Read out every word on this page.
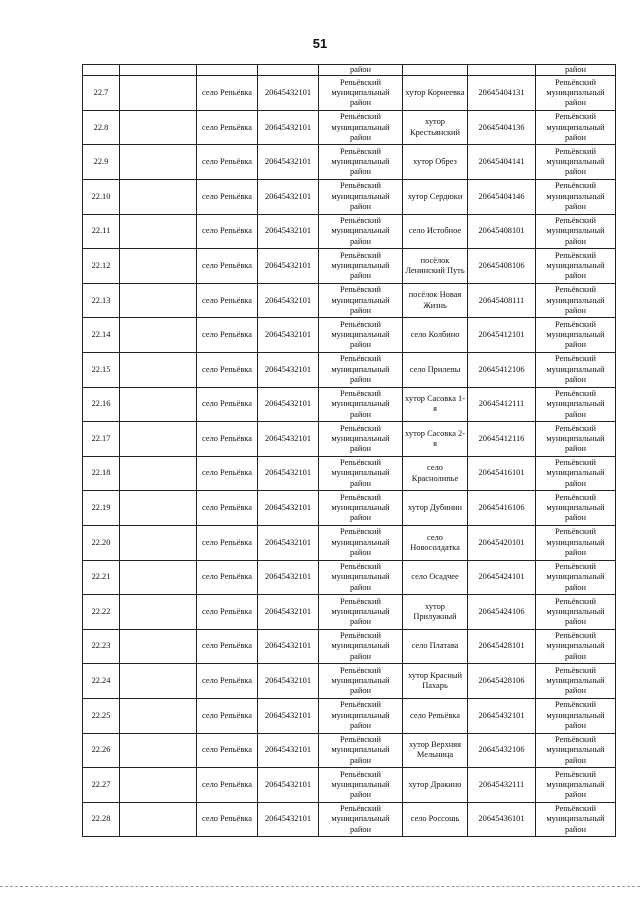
51
				район			район
22.7		село Репьёвка	20645432101	Репьёвский муниципальный район	хутор Корнеевка	20645404131	Репьёвский муниципальный район
22.8		село Репьёвка	20645432101	Репьёвский муниципальный район	хутор Крестьянский	20645404136	Репьёвский муниципальный район
22.9		село Репьёвка	20645432101	Репьёвский муниципальный район	хутор Обрез	20645404141	Репьёвский муниципальный район
22.10		село Репьёвка	20645432101	Репьёвский муниципальный район	хутор Сердюки	20645404146	Репьёвский муниципальный район
22.11		село Репьёвка	20645432101	Репьёвский муниципальный район	село Истобное	20645408101	Репьёвский муниципальный район
22.12		село Репьёвка	20645432101	Репьёвский муниципальный район	посёлок Ленинский Путь	20645408106	Репьёвский муниципальный район
22.13		село Репьёвка	20645432101	Репьёвский муниципальный район	посёлок Новая Жизнь	20645408111	Репьёвский муниципальный район
22.14		село Репьёвка	20645432101	Репьёвский муниципальный район	село Колбино	20645412101	Репьёвский муниципальный район
22.15		село Репьёвка	20645432101	Репьёвский муниципальный район	село Прилепы	20645412106	Репьёвский муниципальный район
22.16		село Репьёвка	20645432101	Репьёвский муниципальный район	хутор Сасовка 1-я	20645412111	Репьёвский муниципальный район
22.17		село Репьёвка	20645432101	Репьёвский муниципальный район	хутор Сасовка 2-я	20645412116	Репьёвский муниципальный район
22.18		село Репьёвка	20645432101	Репьёвский муниципальный район	село Краснолипье	20645416101	Репьёвский муниципальный район
22.19		село Репьёвка	20645432101	Репьёвский муниципальный район	хутор Дубинин	20645416106	Репьёвский муниципальный район
22.20		село Репьёвка	20645432101	Репьёвский муниципальный район	село Новосолдатка	20645420101	Репьёвский муниципальный район
22.21		село Репьёвка	20645432101	Репьёвский муниципальный район	село Осадчее	20645424101	Репьёвский муниципальный район
22.22		село Репьёвка	20645432101	Репьёвский муниципальный район	хутор Прилужный	20645424106	Репьёвский муниципальный район
22.23		село Репьёвка	20645432101	Репьёвский муниципальный район	село Платава	20645428101	Репьёвский муниципальный район
22.24		село Репьёвка	20645432101	Репьёвский муниципальный район	хутор Красный Пахарь	20645428106	Репьёвский муниципальный район
22.25		село Репьёвка	20645432101	Репьёвский муниципальный район	село Репьёвка	20645432101	Репьёвский муниципальный район
22.26		село Репьёвка	20645432101	Репьёвский муниципальный район	хутор Верхняя Мельница	20645432106	Репьёвский муниципальный район
22.27		село Репьёвка	20645432101	Репьёвский муниципальный район	хутор Дракино	20645432111	Репьёвский муниципальный район
22.28		село Репьёвка	20645432101	Репьёвский муниципальный район	село Россошь	20645436101	Репьёвский муниципальный район
